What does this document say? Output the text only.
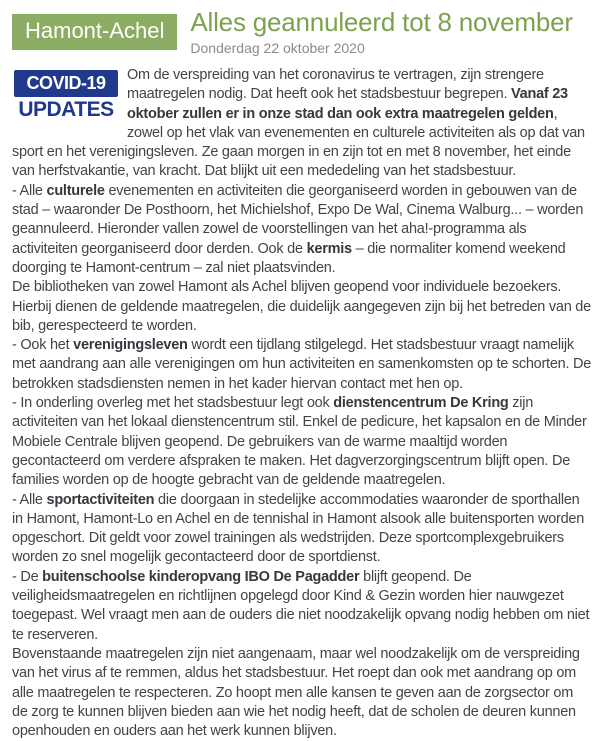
Hamont-Achel	Alles geannuleerd tot 8 november
Donderdag 22 oktober 2020
COVID-19
UPDATES

Om de verspreiding van het coronavirus te vertragen, zijn strengere maatregelen nodig. Dat heeft ook het stadsbestuur begrepen. Vanaf 23 oktober zullen er in onze stad dan ook extra maatregelen gelden, zowel op het vlak van evenementen en culturele activiteiten als op dat van sport en het verenigingsleven. Ze gaan morgen in en zijn tot en met 8 november, het einde van herfstvakantie, van kracht. Dat blijkt uit een mededeling van het stadsbestuur.

- Alle culturele evenementen en activiteiten die georganiseerd worden in gebouwen van de stad – waaronder De Posthoorn, het Michielshof, Expo De Wal, Cinema Walburg... – worden geannuleerd. Hieronder vallen zowel de voorstellingen van het aha!-programma als activiteiten georganiseerd door derden. Ook de kermis – die normaliter komend weekend doorging te Hamont-centrum – zal niet plaatsvinden.

De bibliotheken van zowel Hamont als Achel blijven geopend voor individuele bezoekers. Hierbij dienen de geldende maatregelen, die duidelijk aangegeven zijn bij het betreden van de bib, gerespecteerd te worden.

- Ook het verenigingsleven wordt een tijdlang stilgelegd. Het stadsbestuur vraagt namelijk met aandrang aan alle verenigingen om hun activiteiten en samenkomsten op te schorten. De betrokken stadsdiensten nemen in het kader hiervan contact met hen op.

- In onderling overleg met het stadsbestuur legt ook dienstencentrum De Kring zijn activiteiten van het lokaal dienstencentrum stil. Enkel de pedicure, het kapsalon en de Minder Mobiele Centrale blijven geopend. De gebruikers van de warme maaltijd worden gecontacteerd om verdere afspraken te maken. Het dagverzorgingscentrum blijft open. De families worden op de hoogte gebracht van de geldende maatregelen.

- Alle sportactiviteiten die doorgaan in stedelijke accommodaties waaronder de sporthallen in Hamont, Hamont-Lo en Achel en de tennishal in Hamont alsook alle buitensporten worden opgeschort. Dit geldt voor zowel trainingen als wedstrijden. Deze sportcomplexgebruikers worden zo snel mogelijk gecontacteerd door de sportdienst.

- De buitenschoolse kinderopvang IBO De Pagadder blijft geopend. De veiligheidsmaatregelen en richtlijnen opgelegd door Kind & Gezin worden hier nauwgezet toegepast. Wel vraagt men aan de ouders die niet noodzakelijk opvang nodig hebben om niet te reserveren.

Bovenstaande maatregelen zijn niet aangenaam, maar wel noodzakelijk om de verspreiding van het virus af te remmen, aldus het stadsbestuur. Het roept dan ook met aandrang op om alle maatregelen te respecteren. Zo hoopt men alle kansen te geven aan de zorgsector om de zorg te kunnen blijven bieden aan wie het nodig heeft, dat de scholen de deuren kunnen openhouden en ouders aan het werk kunnen blijven.
